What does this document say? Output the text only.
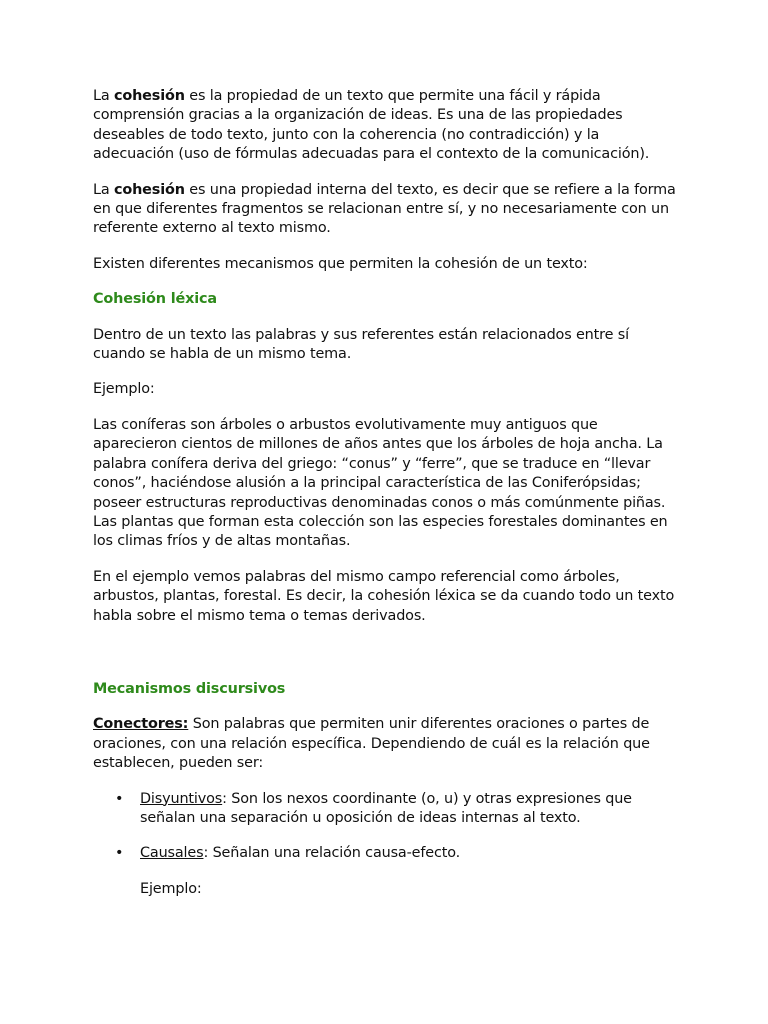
La cohesión es la propiedad de un texto que permite una fácil y rápida comprensión gracias a la organización de ideas. Es una de las propiedades deseables de todo texto, junto con la coherencia (no contradicción) y la adecuación (uso de fórmulas adecuadas para el contexto de la comunicación).

La cohesión es una propiedad interna del texto, es decir que se refiere a la forma en que diferentes fragmentos se relacionan entre sí, y no necesariamente con un referente externo al texto mismo.

Existen diferentes mecanismos que permiten la cohesión de un texto:

Cohesión léxica

Dentro de un texto las palabras y sus referentes están relacionados entre sí cuando se habla de un mismo tema.

Ejemplo:

Las coníferas son árboles o arbustos evolutivamente muy antiguos que aparecieron cientos de millones de años antes que los árboles de hoja ancha. La palabra conífera deriva del griego: “conus” y “ferre”, que se traduce en “llevar conos”, haciéndose alusión a la principal característica de las Coniferópsidas; poseer estructuras reproductivas denominadas conos o más comúnmente piñas. Las plantas que forman esta colección son las especies forestales dominantes en los climas fríos y de altas montañas.

En el ejemplo vemos palabras del mismo campo referencial como árboles, arbustos, plantas, forestal. Es decir, la cohesión léxica se da cuando todo un texto habla sobre el mismo tema o temas derivados.

Mecanismos discursivos

Conectores: Son palabras que permiten unir diferentes oraciones o partes de oraciones, con una relación específica. Dependiendo de cuál es la relación que establecen, pueden ser:

• Disyuntivos: Son los nexos coordinante (o, u) y otras expresiones que señalan una separación u oposición de ideas internas al texto.
• Causales: Señalan una relación causa-efecto.

Ejemplo:
